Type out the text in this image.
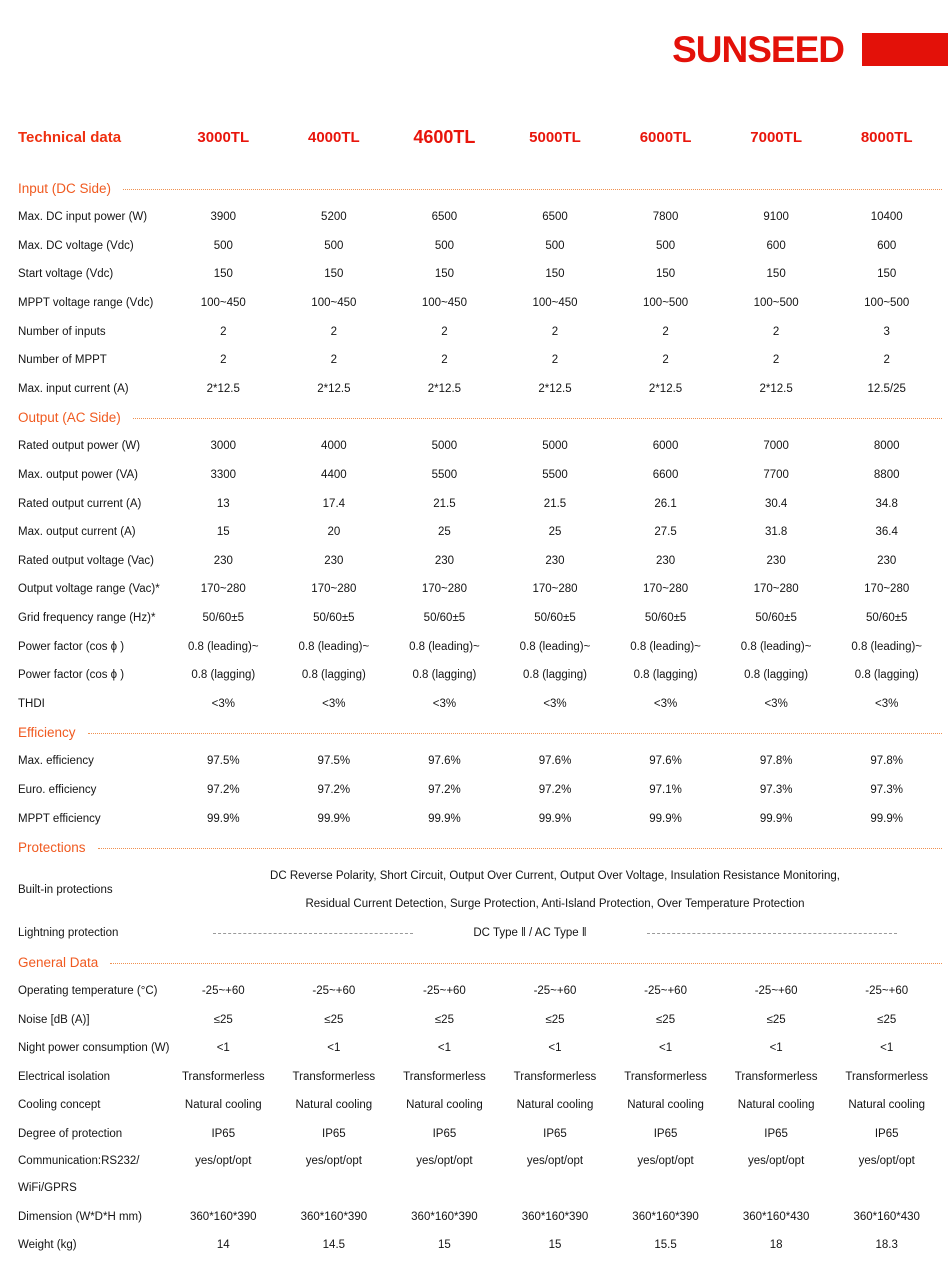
SUNSEED
Technical data	3000TL	4000TL	4600TL	5000TL	6000TL	7000TL	8000TL
Input (DC Side)
Max. DC input power (W)	3900	5200	6500	6500	7800	9100	10400
Max. DC voltage (Vdc)	500	500	500	500	500	600	600
Start voltage (Vdc)	150	150	150	150	150	150	150
MPPT voltage range (Vdc)	100~450	100~450	100~450	100~450	100~500	100~500	100~500
Number of inputs	2	2	2	2	2	2	3
Number of MPPT	2	2	2	2	2	2	2
Max. input current (A)	2*12.5	2*12.5	2*12.5	2*12.5	2*12.5	2*12.5	12.5/25
Output (AC Side)
Rated output power (W)	3000	4000	5000	5000	6000	7000	8000
Max. output power (VA)	3300	4400	5500	5500	6600	7700	8800
Rated output current (A)	13	17.4	21.5	21.5	26.1	30.4	34.8
Max. output current (A)	15	20	25	25	27.5	31.8	36.4
Rated output voltage (Vac)	230	230	230	230	230	230	230
Output voltage range (Vac)*	170~280	170~280	170~280	170~280	170~280	170~280	170~280
Grid frequency range (Hz)*	50/60±5	50/60±5	50/60±5	50/60±5	50/60±5	50/60±5	50/60±5
Power factor (cos ϕ )	0.8 (leading)~	0.8 (leading)~	0.8 (leading)~	0.8 (leading)~	0.8 (leading)~	0.8 (leading)~	0.8 (leading)~
Power factor (cos ϕ )	0.8 (lagging)	0.8 (lagging)	0.8 (lagging)	0.8 (lagging)	0.8 (lagging)	0.8 (lagging)	0.8 (lagging)
THDI	<3%	<3%	<3%	<3%	<3%	<3%	<3%
Efficiency
Max. efficiency	97.5%	97.5%	97.6%	97.6%	97.6%	97.8%	97.8%
Euro. efficiency	97.2%	97.2%	97.2%	97.2%	97.1%	97.3%	97.3%
MPPT efficiency	99.9%	99.9%	99.9%	99.9%	99.9%	99.9%	99.9%
Protections
Built-in protections
DC Reverse Polarity, Short Circuit, Output Over Current, Output Over Voltage, Insulation Resistance Monitoring,
Residual Current Detection, Surge Protection, Anti-Island Protection, Over Temperature Protection
Lightning protection	DC Type ‖ / AC Type ‖
General Data
Operating temperature (°C)	-25~+60	-25~+60	-25~+60	-25~+60	-25~+60	-25~+60	-25~+60
Noise [dB (A)]	≤25	≤25	≤25	≤25	≤25	≤25	≤25
Night power consumption (W)	<1	<1	<1	<1	<1	<1	<1
Electrical isolation	Transformerless	Transformerless	Transformerless	Transformerless	Transformerless	Transformerless	Transformerless
Cooling concept	Natural cooling	Natural cooling	Natural cooling	Natural cooling	Natural cooling	Natural cooling	Natural cooling
Degree of protection	IP65	IP65	IP65	IP65	IP65	IP65	IP65
Communication:RS232/
WiFi/GPRS
yes/opt/opt	yes/opt/opt	yes/opt/opt	yes/opt/opt	yes/opt/opt	yes/opt/opt	yes/opt/opt
Dimension (W*D*H mm)	360*160*390	360*160*390	360*160*390	360*160*390	360*160*390	360*160*430	360*160*430
Weight (kg)	14	14.5	15	15	15.5	18	18.3
